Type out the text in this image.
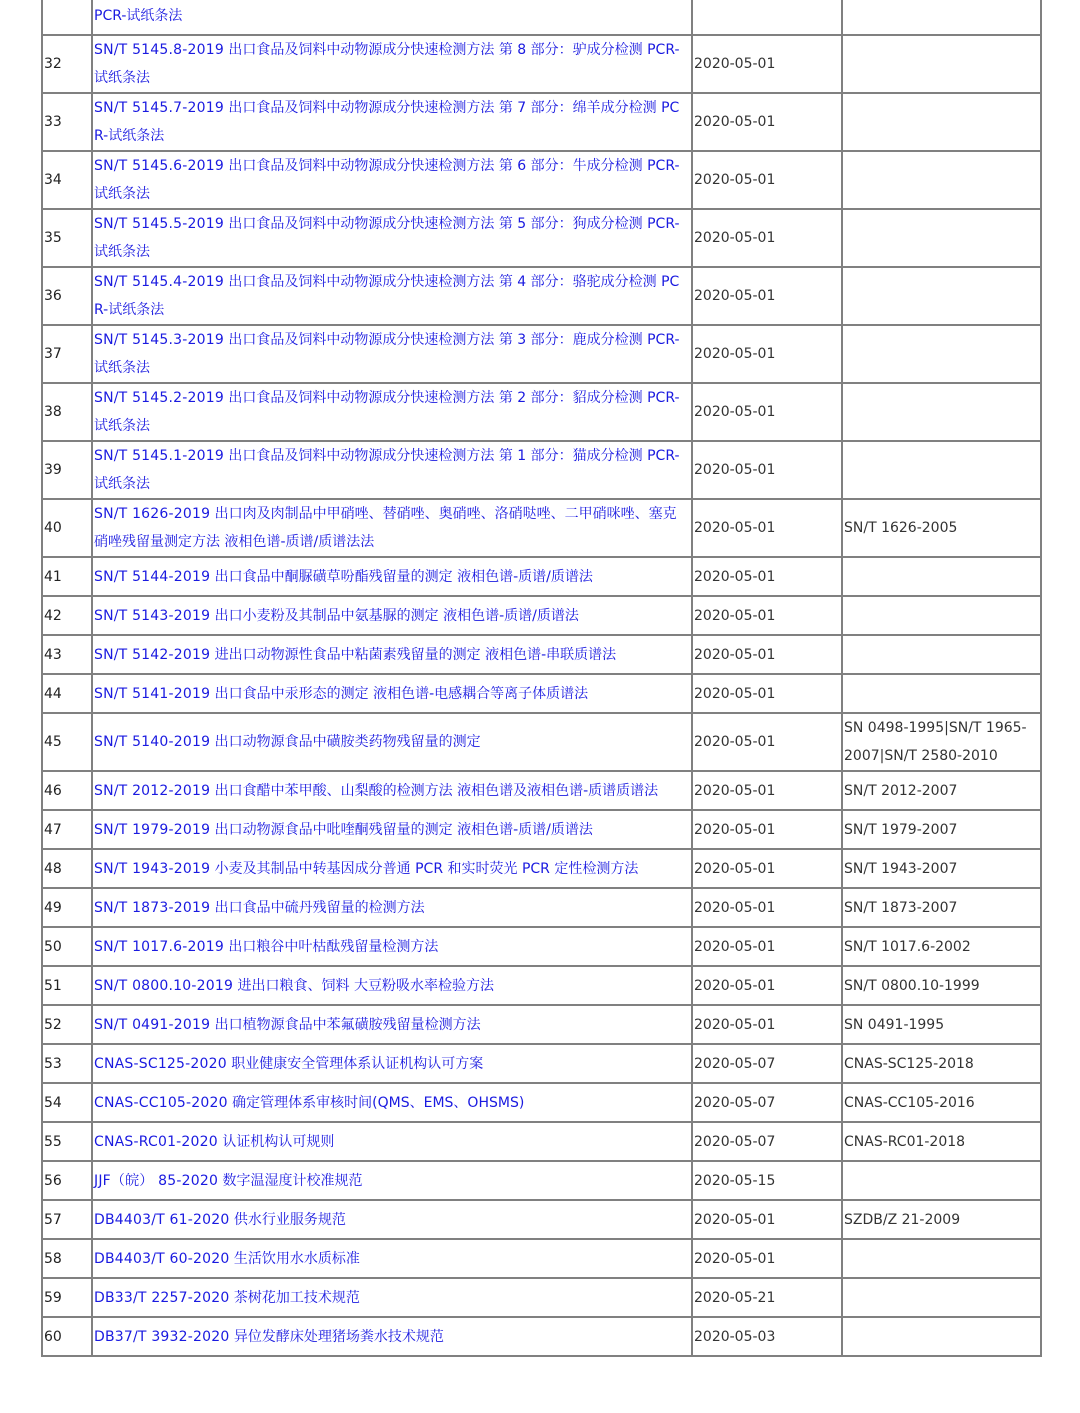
	PCR-试纸条法		
32	SN/T 5145.8-2019 出口食品及饲料中动物源成分快速检测方法 第 8 部分：驴成分检测 PCR-试纸条法	2020-05-01	
33	SN/T 5145.7-2019 出口食品及饲料中动物源成分快速检测方法 第 7 部分：绵羊成分检测 PCR-试纸条法	2020-05-01	
34	SN/T 5145.6-2019 出口食品及饲料中动物源成分快速检测方法 第 6 部分：牛成分检测 PCR-试纸条法	2020-05-01	
35	SN/T 5145.5-2019 出口食品及饲料中动物源成分快速检测方法 第 5 部分：狗成分检测 PCR-试纸条法	2020-05-01	
36	SN/T 5145.4-2019 出口食品及饲料中动物源成分快速检测方法 第 4 部分：骆驼成分检测 PCR-试纸条法	2020-05-01	
37	SN/T 5145.3-2019 出口食品及饲料中动物源成分快速检测方法 第 3 部分：鹿成分检测 PCR-试纸条法	2020-05-01	
38	SN/T 5145.2-2019 出口食品及饲料中动物源成分快速检测方法 第 2 部分：貂成分检测 PCR-试纸条法	2020-05-01	
39	SN/T 5145.1-2019 出口食品及饲料中动物源成分快速检测方法 第 1 部分：猫成分检测 PCR-试纸条法	2020-05-01	
40	SN/T 1626-2019 出口肉及肉制品中甲硝唑、替硝唑、奥硝唑、洛硝哒唑、二甲硝咪唑、塞克硝唑残留量测定方法 液相色谱-质谱/质谱法法	2020-05-01	SN/T 1626-2005
41	SN/T 5144-2019 出口食品中酮脲磺草吩酯残留量的测定 液相色谱-质谱/质谱法	2020-05-01	
42	SN/T 5143-2019 出口小麦粉及其制品中氨基脲的测定 液相色谱-质谱/质谱法	2020-05-01	
43	SN/T 5142-2019 进出口动物源性食品中粘菌素残留量的测定 液相色谱-串联质谱法	2020-05-01	
44	SN/T 5141-2019 出口食品中汞形态的测定 液相色谱-电感耦合等离子体质谱法	2020-05-01	
45	SN/T 5140-2019 出口动物源食品中磺胺类药物残留量的测定	2020-05-01	SN 0498-1995|SN/T 1965-2007|SN/T 2580-2010
46	SN/T 2012-2019 出口食醋中苯甲酸、山梨酸的检测方法 液相色谱及液相色谱-质谱质谱法	2020-05-01	SN/T 2012-2007
47	SN/T 1979-2019 出口动物源食品中吡喹酮残留量的测定 液相色谱-质谱/质谱法	2020-05-01	SN/T 1979-2007
48	SN/T 1943-2019 小麦及其制品中转基因成分普通 PCR 和实时荧光 PCR 定性检测方法	2020-05-01	SN/T 1943-2007
49	SN/T 1873-2019 出口食品中硫丹残留量的检测方法	2020-05-01	SN/T 1873-2007
50	SN/T 1017.6-2019 出口粮谷中叶枯酞残留量检测方法	2020-05-01	SN/T 1017.6-2002
51	SN/T 0800.10-2019 进出口粮食、饲料 大豆粉吸水率检验方法	2020-05-01	SN/T 0800.10-1999
52	SN/T 0491-2019 出口植物源食品中苯氟磺胺残留量检测方法	2020-05-01	SN 0491-1995
53	CNAS-SC125-2020 职业健康安全管理体系认证机构认可方案	2020-05-07	CNAS-SC125-2018
54	CNAS-CC105-2020 确定管理体系审核时间(QMS、EMS、OHSMS)	2020-05-07	CNAS-CC105-2016
55	CNAS-RC01-2020 认证机构认可规则	2020-05-07	CNAS-RC01-2018
56	JJF（皖） 85-2020 数字温湿度计校准规范	2020-05-15	
57	DB4403/T 61-2020 供水行业服务规范	2020-05-01	SZDB/Z 21-2009
58	DB4403/T 60-2020 生活饮用水水质标准	2020-05-01	
59	DB33/T 2257-2020 茶树花加工技术规范	2020-05-21	
60	DB37/T 3932-2020 异位发酵床处理猪场粪水技术规范	2020-05-03	
